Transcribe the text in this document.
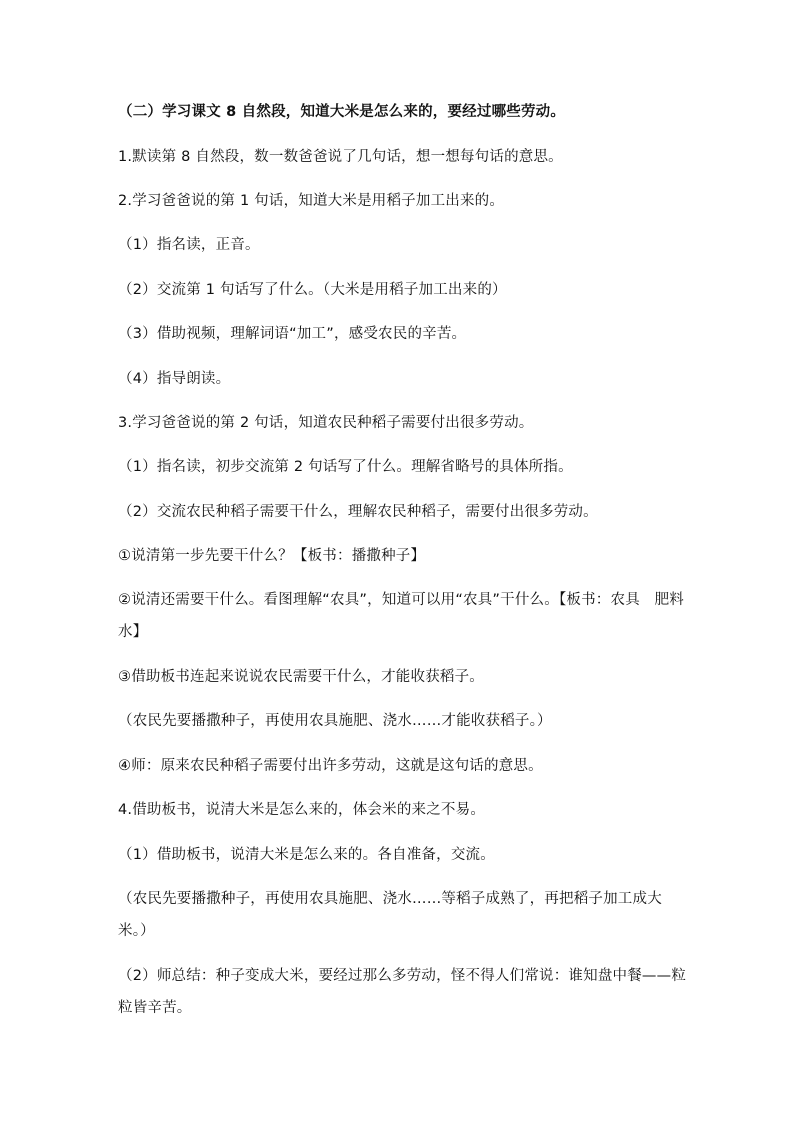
（二）学习课文 8 自然段，知道大米是怎么来的，要经过哪些劳动。
1.默读第 8 自然段，数一数爸爸说了几句话，想一想每句话的意思。
2.学习爸爸说的第 1 句话，知道大米是用稻子加工出来的。
（1）指名读，正音。
（2）交流第 1 句话写了什么。（大米是用稻子加工出来的）
（3）借助视频，理解词语“加工”，感受农民的辛苦。
（4）指导朗读。
3.学习爸爸说的第 2 句话，知道农民种稻子需要付出很多劳动。
（1）指名读，初步交流第 2 句话写了什么。理解省略号的具体所指。
（2）交流农民种稻子需要干什么，理解农民种稻子，需要付出很多劳动。
①说清第一步先要干什么？【板书：播撒种子】
②说清还需要干什么。看图理解“农具”，知道可以用“农具”干什么。【板书：农具　肥料　水】
③借助板书连起来说说农民需要干什么，才能收获稻子。
（农民先要播撒种子，再使用农具施肥、浇水……才能收获稻子。）
④师：原来农民种稻子需要付出许多劳动，这就是这句话的意思。
4.借助板书，说清大米是怎么来的，体会米的来之不易。
（1）借助板书，说清大米是怎么来的。各自准备，交流。
（农民先要播撒种子，再使用农具施肥、浇水……等稻子成熟了，再把稻子加工成大米。）
（2）师总结：种子变成大米，要经过那么多劳动，怪不得人们常说：谁知盘中餐——粒粒皆辛苦。
